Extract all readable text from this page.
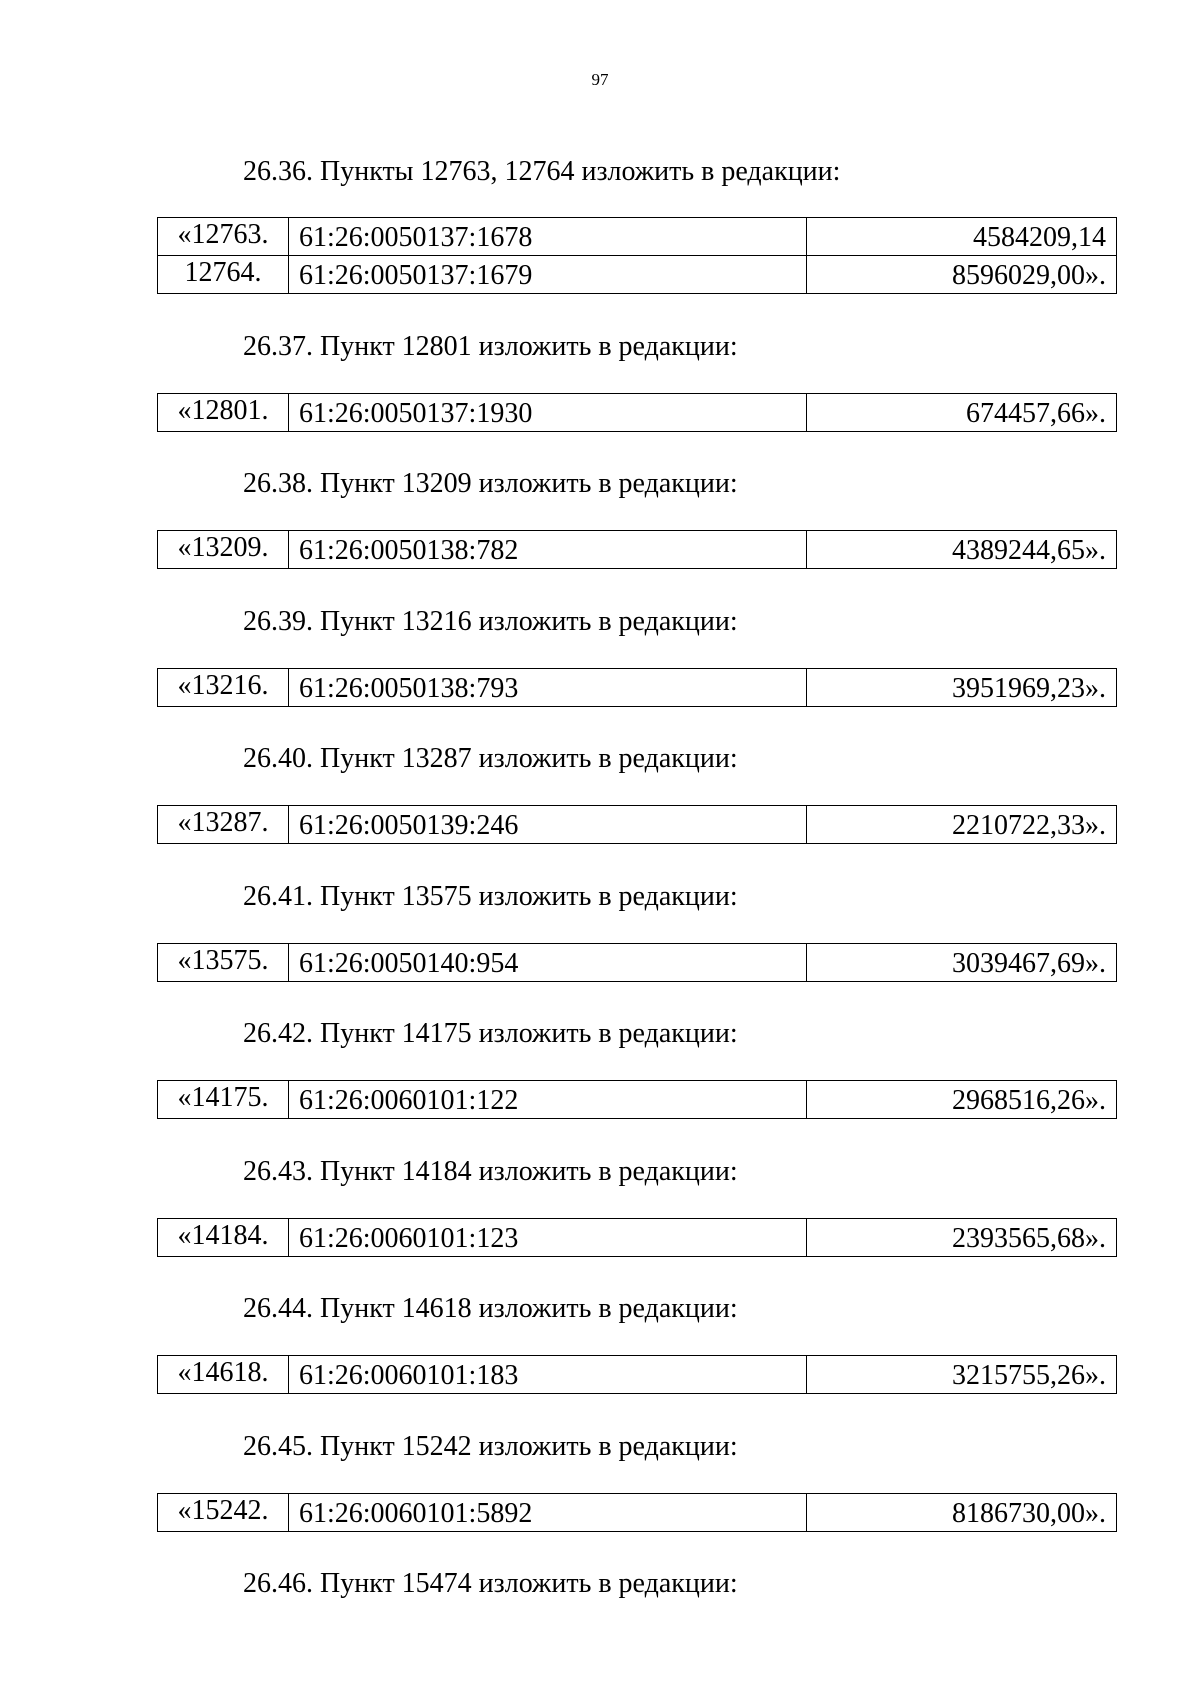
97
26.36. Пункты 12763, 12764 изложить в редакции:
«12763.	61:26:0050137:1678	4584209,14
12764.	61:26:0050137:1679	8596029,00».
26.37. Пункт 12801 изложить в редакции:
«12801.	61:26:0050137:1930	674457,66».
26.38. Пункт 13209 изложить в редакции:
«13209.	61:26:0050138:782	4389244,65».
26.39. Пункт 13216 изложить в редакции:
«13216.	61:26:0050138:793	3951969,23».
26.40. Пункт 13287 изложить в редакции:
«13287.	61:26:0050139:246	2210722,33».
26.41. Пункт 13575 изложить в редакции:
«13575.	61:26:0050140:954	3039467,69».
26.42. Пункт 14175 изложить в редакции:
«14175.	61:26:0060101:122	2968516,26».
26.43. Пункт 14184 изложить в редакции:
«14184.	61:26:0060101:123	2393565,68».
26.44. Пункт 14618 изложить в редакции:
«14618.	61:26:0060101:183	3215755,26».
26.45. Пункт 15242 изложить в редакции:
«15242.	61:26:0060101:5892	8186730,00».
26.46. Пункт 15474 изложить в редакции:
